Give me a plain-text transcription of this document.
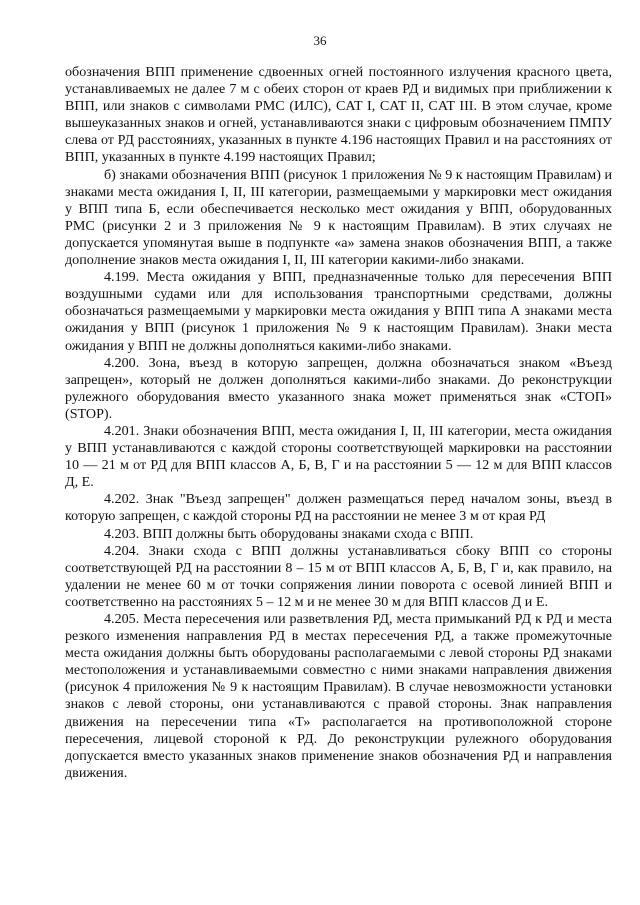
36

обозначения ВПП применение сдвоенных огней постоянного излучения красного цвета, устанавливаемых не далее 7 м с обеих сторон от краев РД и видимых при приближении к ВПП, или знаков с символами РМС (ИЛС), CAT I, CAT II, CAT III. В этом случае, кроме вышеуказанных знаков и огней, устанавливаются знаки с цифровым обозначением ПМПУ слева от РД расстояниях, указанных в пункте 4.196 настоящих Правил и на расстояниях от ВПП, указанных в пункте 4.199 настоящих Правил;

б) знаками обозначения ВПП (рисунок 1 приложения № 9 к настоящим Правилам) и знаками места ожидания I, II, III категории, размещаемыми у маркировки мест ожидания у ВПП типа Б, если обеспечивается несколько мест ожидания у ВПП, оборудованных РМС (рисунки 2 и 3 приложения № 9 к настоящим Правилам). В этих случаях не допускается упомянутая выше в подпункте «а» замена знаков обозначения ВПП, а также дополнение знаков места ожидания I, II, III категории какими-либо знаками.

4.199. Места ожидания у ВПП, предназначенные только для пересечения ВПП воздушными судами или для использования транспортными средствами, должны обозначаться размещаемыми у маркировки места ожидания у ВПП типа А знаками места ожидания у ВПП (рисунок 1 приложения № 9 к настоящим Правилам). Знаки места ожидания у ВПП не должны дополняться какими-либо знаками.

4.200. Зона, въезд в которую запрещен, должна обозначаться знаком «Въезд запрещен», который не должен дополняться какими-либо знаками. До реконструкции рулежного оборудования вместо указанного знака может применяться знак «СТОП» (STOP).

4.201. Знаки обозначения ВПП, места ожидания I, II, III категории, места ожидания у ВПП устанавливаются с каждой стороны соответствующей маркировки на расстоянии 10 — 21 м от РД для ВПП классов А, Б, В, Г и на расстоянии 5 — 12 м для ВПП классов Д, Е.

4.202. Знак "Въезд запрещен" должен размещаться перед началом зоны, въезд в которую запрещен, с каждой стороны РД на расстоянии не менее 3 м от края РД

4.203. ВПП должны быть оборудованы знаками схода с ВПП.

4.204. Знаки схода с ВПП должны устанавливаться сбоку ВПП со стороны соответствующей РД на расстоянии 8 – 15 м от ВПП классов А, Б, В, Г и, как правило, на удалении не менее 60 м от точки сопряжения линии поворота с осевой линией ВПП и соответственно на расстояниях 5 – 12 м и не менее 30 м для ВПП классов Д и Е.

4.205. Места пересечения или разветвления РД, места примыканий РД к РД и места резкого изменения направления РД в местах пересечения РД, а также промежуточные места ожидания должны быть оборудованы располагаемыми с левой стороны РД знаками местоположения и устанавливаемыми совместно с ними знаками направления движения (рисунок 4 приложения № 9 к настоящим Правилам). В случае невозможности установки знаков с левой стороны, они устанавливаются с правой стороны. Знак направления движения на пересечении типа «Т» располагается на противоположной стороне пересечения, лицевой стороной к РД. До реконструкции рулежного оборудования допускается вместо указанных знаков применение знаков обозначения РД и направления движения.
